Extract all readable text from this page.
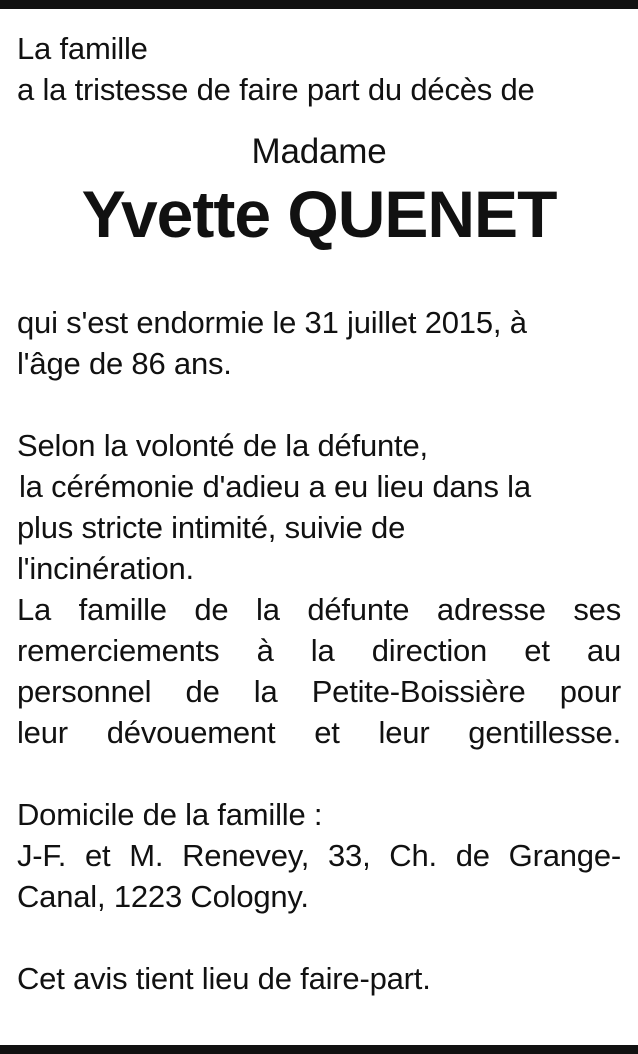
La famille
a la tristesse de faire part du décès de
Madame
Yvette QUENET
qui s'est endormie le 31 juillet 2015, à
l'âge de 86 ans.
Selon la volonté de la défunte,
la cérémonie d'adieu a eu lieu dans la
plus stricte intimité, suivie de
l'incinération.
La famille de la défunte adresse ses
remerciements à la direction et au
personnel de la Petite-Boissière pour
leur dévouement et leur gentillesse.
Domicile de la famille :
J-F. et M. Renevey, 33, Ch. de Grange-
Canal, 1223 Cologny.
Cet avis tient lieu de faire-part.
